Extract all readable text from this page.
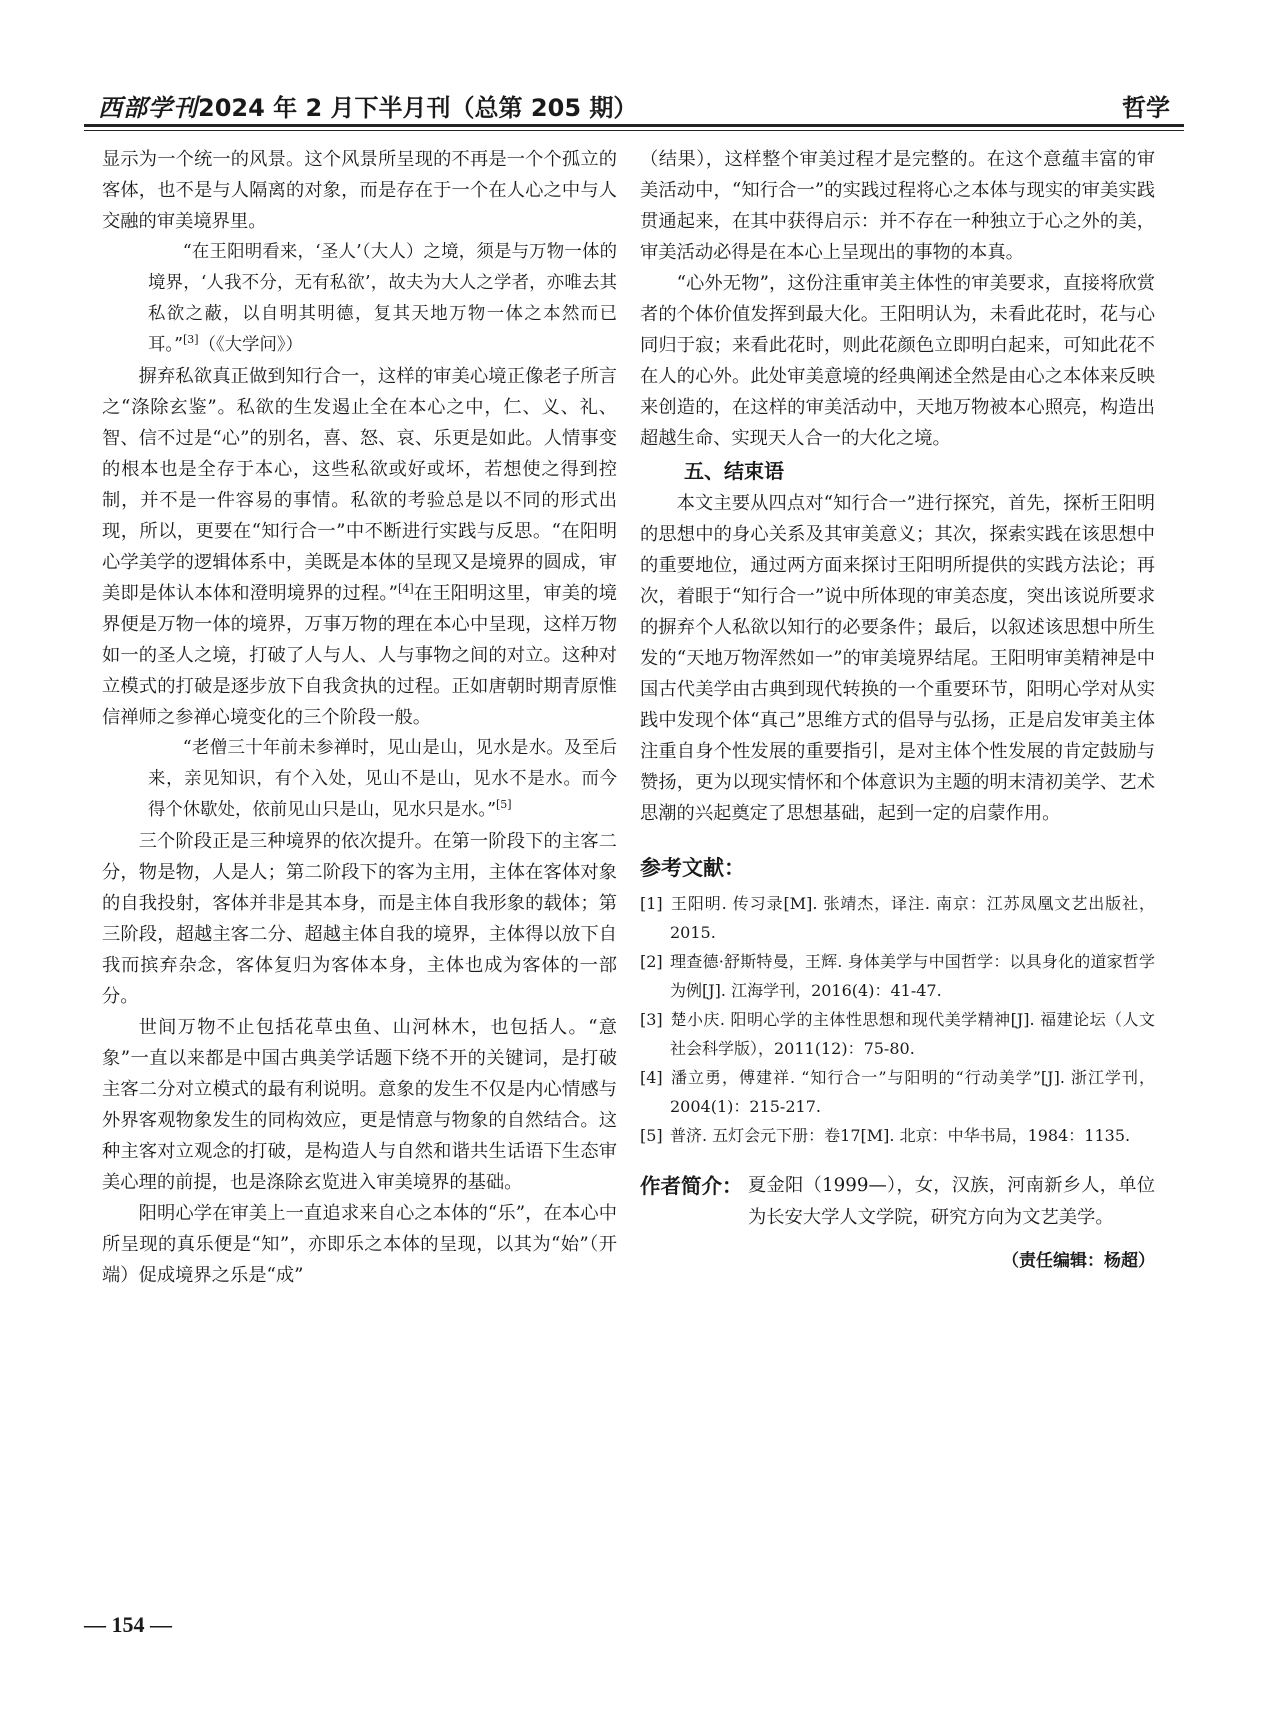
西部学刊2024 年 2 月下半月刊（总第 205 期）	哲学

显示为一个统一的风景。这个风景所呈现的不再是一个个孤立的客体，也不是与人隔离的对象，而是存在于一个在人心之中与人交融的审美境界里。

“在王阳明看来，‘圣人’（大人）之境，须是与万物一体的境界，‘人我不分，无有私欲’，故夫为大人之学者，亦唯去其私欲之蔽，以自明其明德，复其天地万物一体之本然而已耳。”[3]（《大学问》）

摒弃私欲真正做到知行合一，这样的审美心境正像老子所言之“涤除玄鉴”。私欲的生发遏止全在本心之中，仁、义、礼、智、信不过是“心”的别名，喜、怒、哀、乐更是如此。人情事变的根本也是全存于本心，这些私欲或好或坏，若想使之得到控制，并不是一件容易的事情。私欲的考验总是以不同的形式出现，所以，更要在“知行合一”中不断进行实践与反思。“在阳明心学美学的逻辑体系中，美既是本体的呈现又是境界的圆成，审美即是体认本体和澄明境界的过程。”[4]在王阳明这里，审美的境界便是万物一体的境界，万事万物的理在本心中呈现，这样万物如一的圣人之境，打破了人与人、人与事物之间的对立。这种对立模式的打破是逐步放下自我贪执的过程。正如唐朝时期青原惟信禅师之参禅心境变化的三个阶段一般。

“老僧三十年前未参禅时，见山是山，见水是水。及至后来，亲见知识，有个入处，见山不是山，见水不是水。而今得个休歇处，依前见山只是山，见水只是水。”[5]

三个阶段正是三种境界的依次提升。在第一阶段下的主客二分，物是物，人是人；第二阶段下的客为主用，主体在客体对象的自我投射，客体并非是其本身，而是主体自我形象的载体；第三阶段，超越主客二分、超越主体自我的境界，主体得以放下自我而摈弃杂念，客体复归为客体本身，主体也成为客体的一部分。

世间万物不止包括花草虫鱼、山河林木，也包括人。“意象”一直以来都是中国古典美学话题下绕不开的关键词，是打破主客二分对立模式的最有利说明。意象的发生不仅是内心情感与外界客观物象发生的同构效应，更是情意与物象的自然结合。这种主客对立观念的打破，是构造人与自然和谐共生话语下生态审美心理的前提，也是涤除玄览进入审美境界的基础。

阳明心学在审美上一直追求来自心之本体的“乐”，在本心中所呈现的真乐便是“知”，亦即乐之本体的呈现，以其为“始”（开端）促成境界之乐是“成”

（结果），这样整个审美过程才是完整的。在这个意蕴丰富的审美活动中，“知行合一”的实践过程将心之本体与现实的审美实践贯通起来，在其中获得启示：并不存在一种独立于心之外的美，审美活动必得是在本心上呈现出的事物的本真。

“心外无物”，这份注重审美主体性的审美要求，直接将欣赏者的个体价值发挥到最大化。王阳明认为，未看此花时，花与心同归于寂；来看此花时，则此花颜色立即明白起来，可知此花不在人的心外。此处审美意境的经典阐述全然是由心之本体来反映来创造的，在这样的审美活动中，天地万物被本心照亮，构造出超越生命、实现天人合一的大化之境。

五、结束语

本文主要从四点对“知行合一”进行探究，首先，探析王阳明的思想中的身心关系及其审美意义；其次，探索实践在该思想中的重要地位，通过两方面来探讨王阳明所提供的实践方法论；再次，着眼于“知行合一”说中所体现的审美态度，突出该说所要求的摒弃个人私欲以知行的必要条件；最后，以叙述该思想中所生发的“天地万物浑然如一”的审美境界结尾。王阳明审美精神是中国古代美学由古典到现代转换的一个重要环节，阳明心学对从实践中发现个体“真己”思维方式的倡导与弘扬，正是启发审美主体注重自身个性发展的重要指引，是对主体个性发展的肯定鼓励与赞扬，更为以现实情怀和个体意识为主题的明末清初美学、艺术思潮的兴起奠定了思想基础，起到一定的启蒙作用。

参考文献：

[1] 王阳明. 传习录[M]. 张靖杰，译注. 南京：江苏凤凰文艺出版社，2015.

[2] 理查德·舒斯特曼，王辉. 身体美学与中国哲学：以具身化的道家哲学为例[J]. 江海学刊，2016(4)：41-47.

[3] 楚小庆. 阳明心学的主体性思想和现代美学精神[J]. 福建论坛（人文社会科学版），2011(12)：75-80.

[4] 潘立勇，傅建祥. “知行合一”与阳明的“行动美学”[J]. 浙江学刊，2004(1)：215-217.

[5] 普济. 五灯会元下册：卷17[M]. 北京：中华书局，1984：1135.

作者简介： 夏金阳（1999—），女，汉族，河南新乡人，单位为长安大学人文学院，研究方向为文艺美学。

（责任编辑：杨超）

— 154 —
